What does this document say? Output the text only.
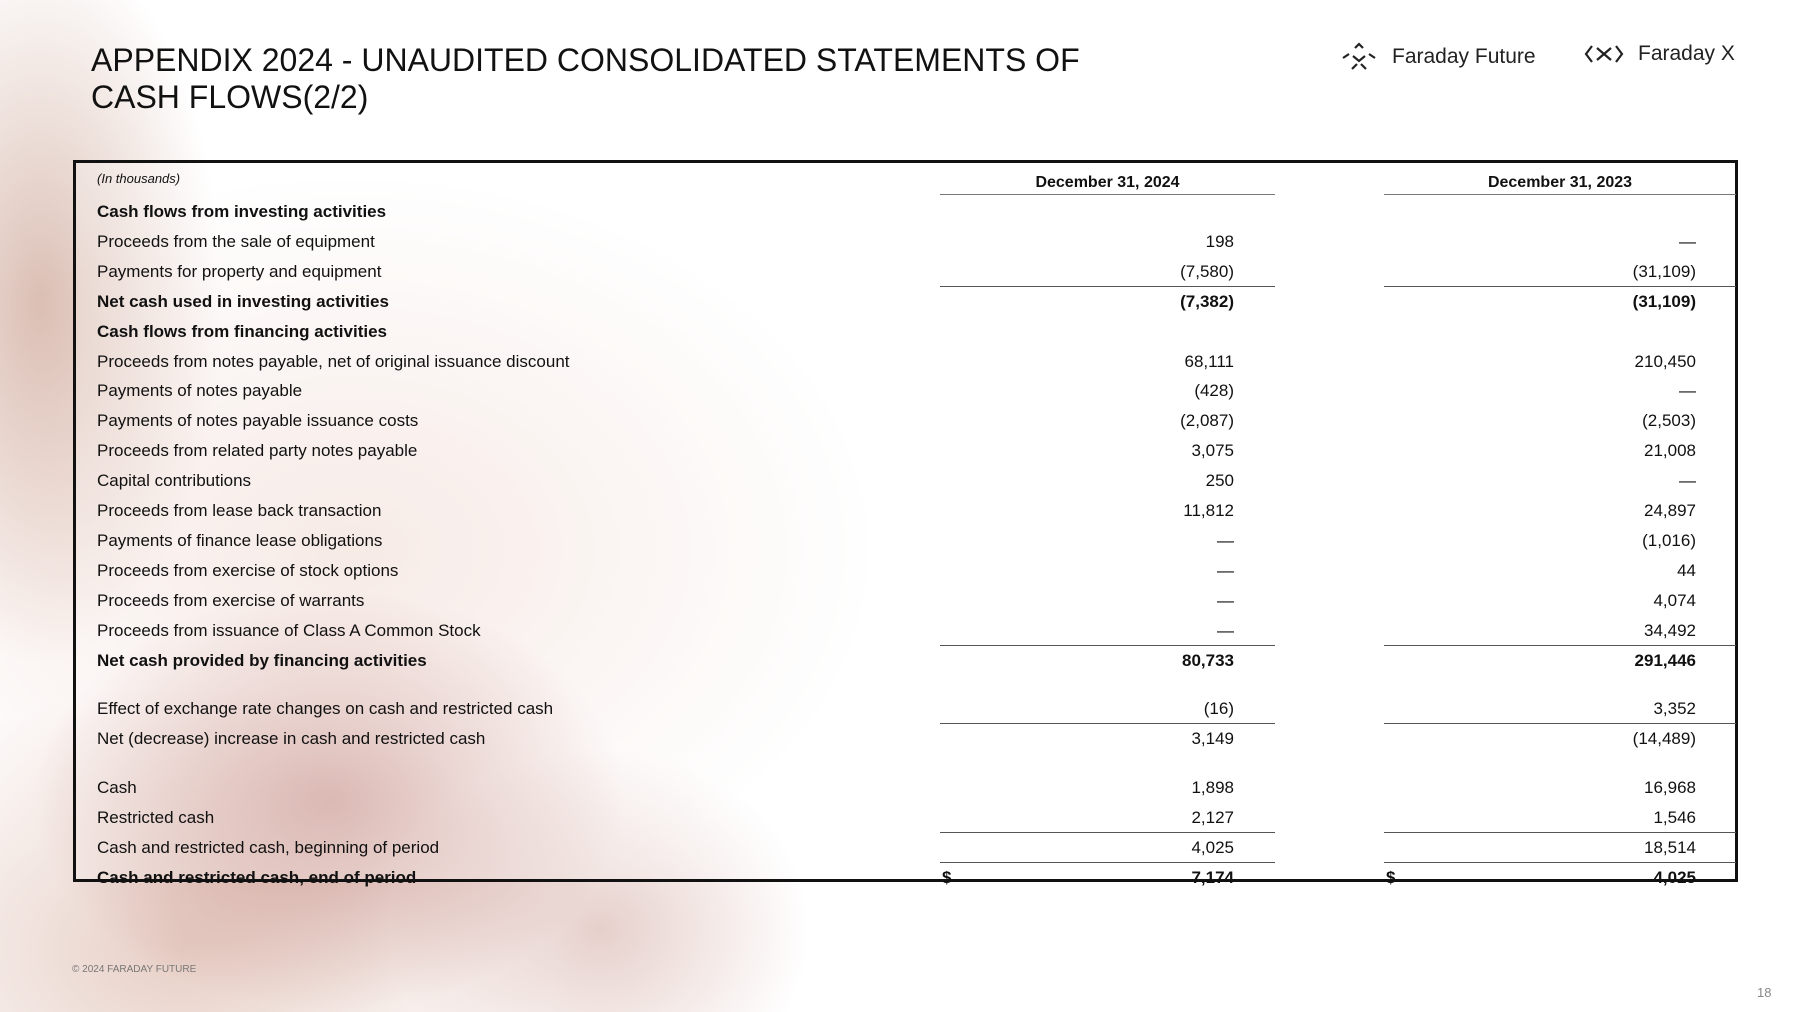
APPENDIX 2024 - UNAUDITED CONSOLIDATED STATEMENTS OF CASH FLOWS(2/2)
Faraday Future	Faraday X
(In thousands)	December 31, 2024	December 31, 2023
Cash flows from investing activities
Proceeds from the sale of equipment	198	—
Payments for property and equipment	(7,580)	(31,109)
Net cash used in investing activities	(7,382)	(31,109)
Cash flows from financing activities
Proceeds from notes payable, net of original issuance discount	68,111	210,450
Payments of notes payable	(428)	—
Payments of notes payable issuance costs	(2,087)	(2,503)
Proceeds from related party notes payable	3,075	21,008
Capital contributions	250	—
Proceeds from lease back transaction	11,812	24,897
Payments of finance lease obligations	—	(1,016)
Proceeds from exercise of stock options	—	44
Proceeds from exercise of warrants	—	4,074
Proceeds from issuance of Class A Common Stock	—	34,492
Net cash provided by financing activities	80,733	291,446
Effect of exchange rate changes on cash and restricted cash	(16)	3,352
Net (decrease) increase in cash and restricted cash	3,149	(14,489)
Cash	1,898	16,968
Restricted cash	2,127	1,546
Cash and restricted cash, beginning of period	4,025	18,514
Cash and restricted cash, end of period	7,174	4,025
$	$
© 2024 FARADAY FUTURE
18
